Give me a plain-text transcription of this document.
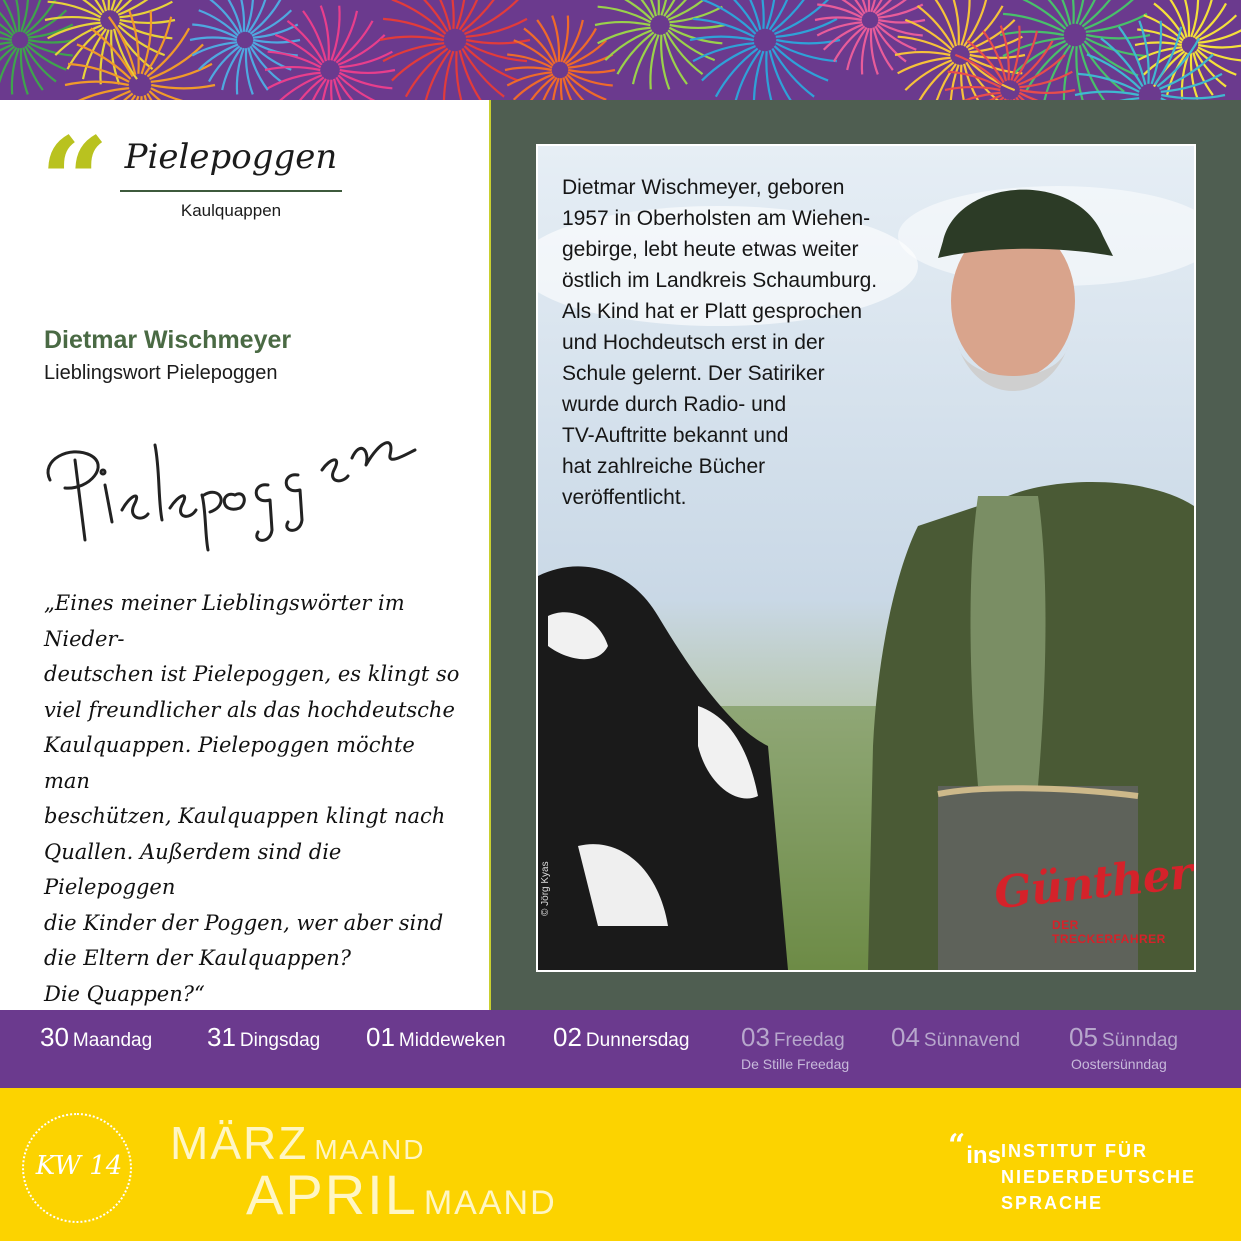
“ Pielepoggen
Kaulquappen
Dietmar Wischmeyer
Lieblingswort Pielepoggen
„Eines meiner Lieblingswörter im Nieder-
deutschen ist Pielepoggen, es klingt so
viel freundlicher als das hochdeutsche
Kaulquappen. Pielepoggen möchte man
beschützen, Kaulquappen klingt nach
Quallen. Außerdem sind die Pielepoggen
die Kinder der Poggen, wer aber sind
die Eltern der Kaulquappen?
Die Quappen?“
Dietmar Wischmeyer, geboren
1957 in Oberholsten am Wiehen-
gebirge, lebt heute etwas weiter
östlich im Landkreis Schaumburg.
Als Kind hat er Platt gesprochen
und Hochdeutsch erst in der
Schule gelernt. Der Satiriker
wurde durch Radio- und
TV-Auftritte bekannt und
hat zahlreiche Bücher
veröffentlicht.
© Jörg Kyas	Günther
DER TRECKERFAHRER
30 Maandag 31 Dingsdag 01 Middeweken 02 Dunnersdag 03 Freedag
De Stille Freedag
04 Sünnavend 05 Sünndag
Oostersünndag
KW 14 MÄRZ MAAND
APRIL MAAND
“ins INSTITUT FÜR
NIEDERDEUTSCHE
SPRACHE
